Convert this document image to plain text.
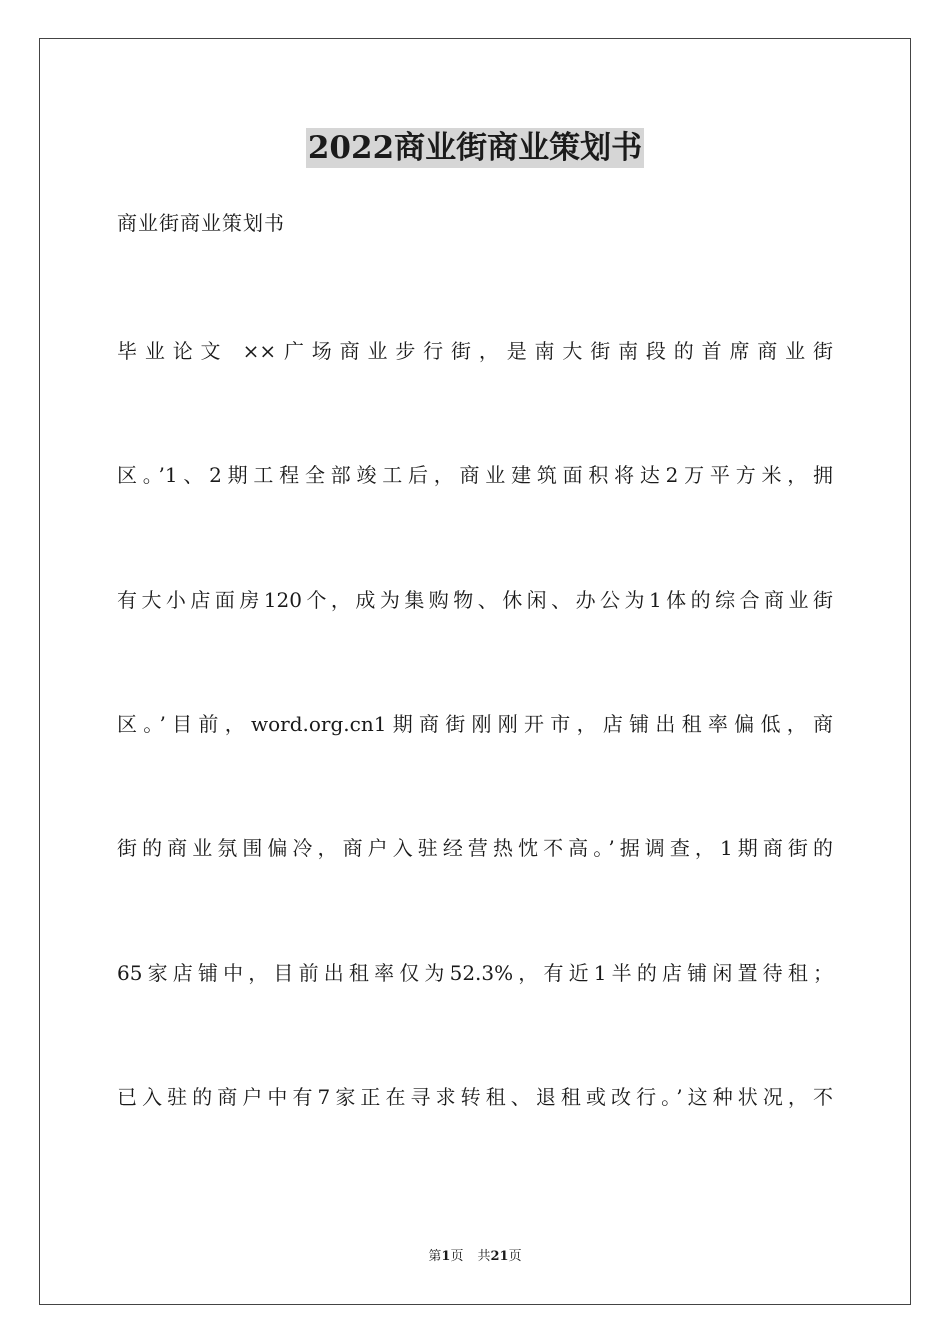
2022商业街商业策划书
商业街商业策划书
毕业论文 ××广场商业步行街，是南大街南段的首席商业街
区。’1、2期工程全部竣工后，商业建筑面积将达2万平方米，拥
有大小店面房120个，成为集购物、休闲、办公为1体的综合商业街
区。’目前，word.org.cn1期商街刚刚开市，店铺出租率偏低，商
街的商业氛围偏冷，商户入驻经营热忱不高。’据调查，1期商街的
65家店铺中，目前出租率仅为52.3%，有近1半的店铺闲置待租；
已入驻的商户中有7家正在寻求转租、退租或改行。’这种状况，不
第1页 共21页
